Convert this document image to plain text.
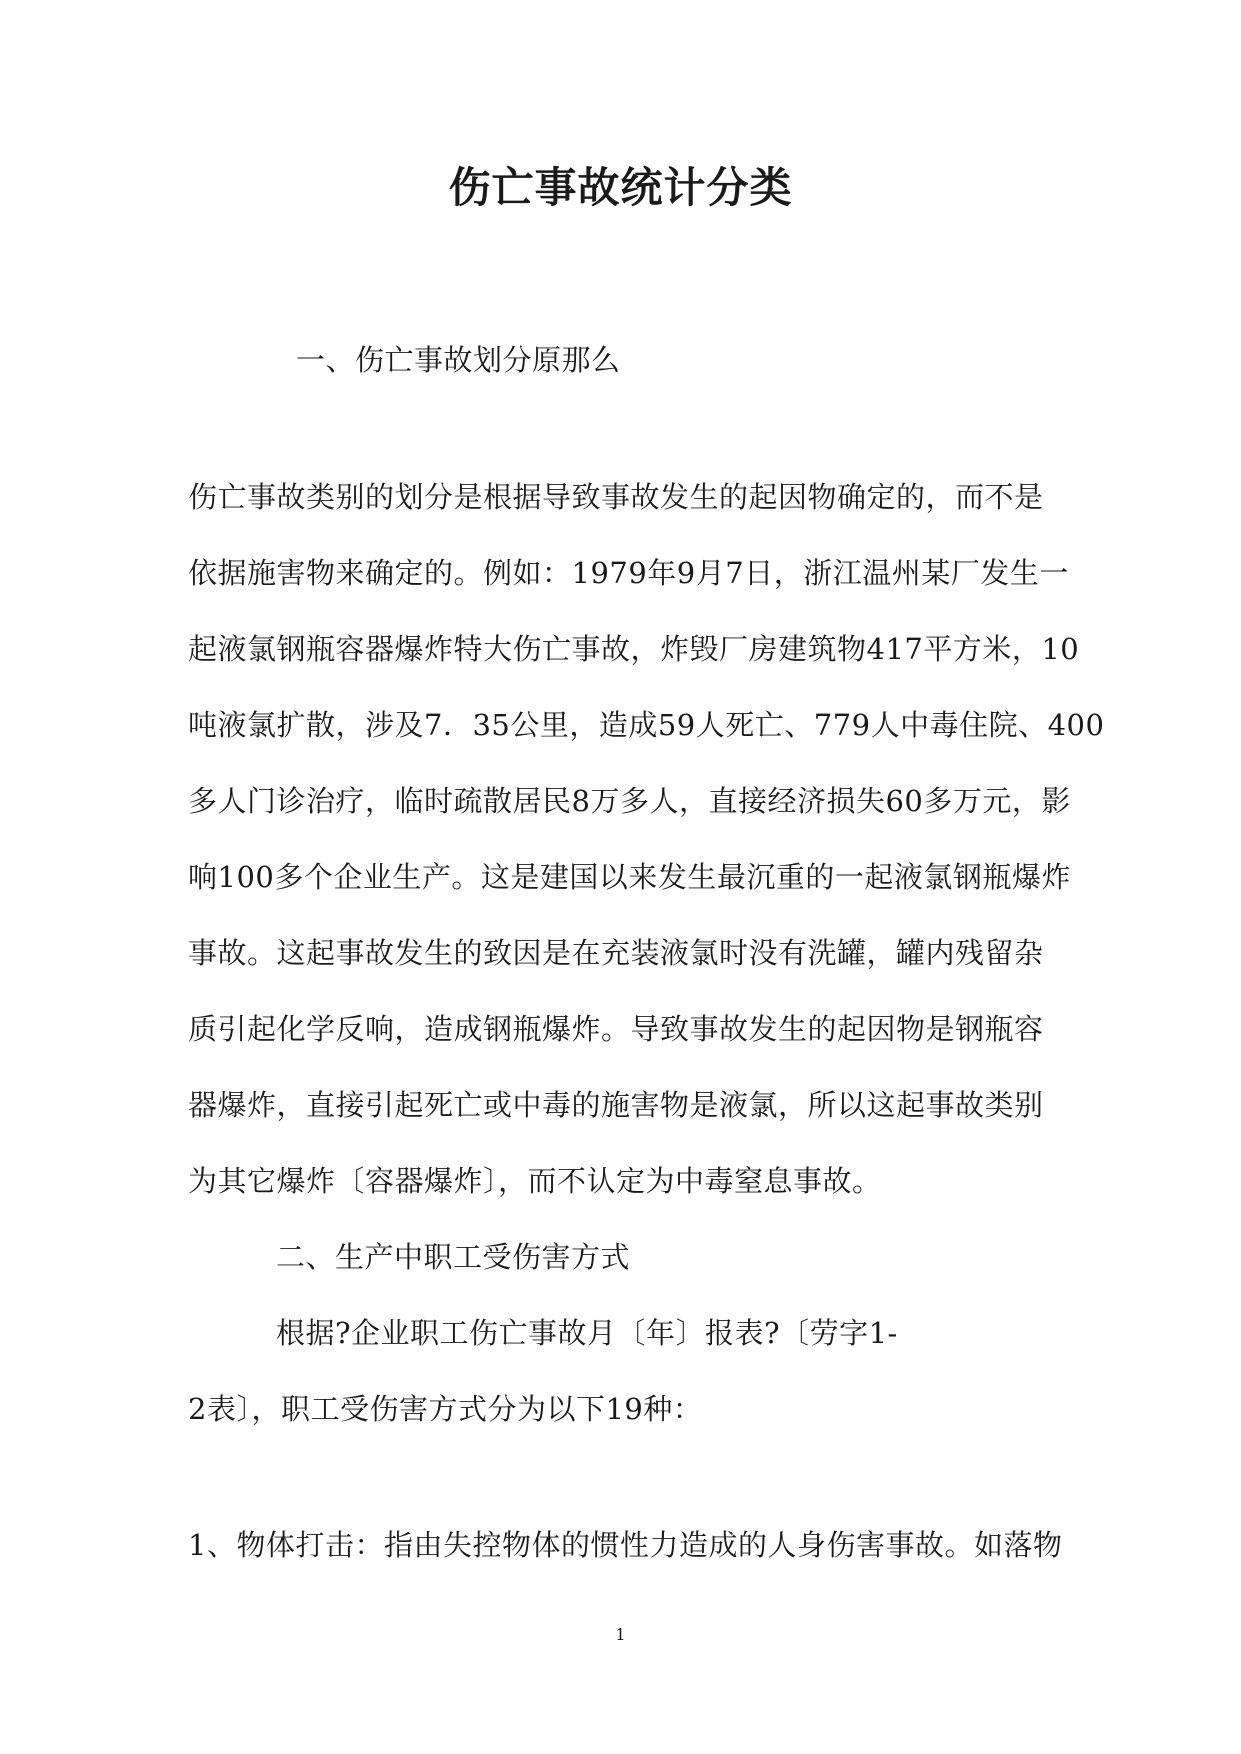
伤亡事故统计分类
一、伤亡事故划分原那么
伤亡事故类别的划分是根据导致事故发生的起因物确定的，而不是
依据施害物来确定的。例如：1979年9月7日，浙江温州某厂发生一
起液氯钢瓶容器爆炸特大伤亡事故，炸毁厂房建筑物417平方米，10
吨液氯扩散，涉及7．35公里，造成59人死亡、779人中毒住院、400
多人门诊治疗，临时疏散居民8万多人，直接经济损失60多万元，影
响100多个企业生产。这是建国以来发生最沉重的一起液氯钢瓶爆炸
事故。这起事故发生的致因是在充装液氯时没有洗罐，罐内残留杂
质引起化学反响，造成钢瓶爆炸。导致事故发生的起因物是钢瓶容
器爆炸，直接引起死亡或中毒的施害物是液氯，所以这起事故类别
为其它爆炸〔容器爆炸〕，而不认定为中毒窒息事故。
二、生产中职工受伤害方式
根据?企业职工伤亡事故月〔年〕报表?〔劳字1-
2表〕，职工受伤害方式分为以下19种：
1、物体打击：指由失控物体的惯性力造成的人身伤害事故。如落物
1
